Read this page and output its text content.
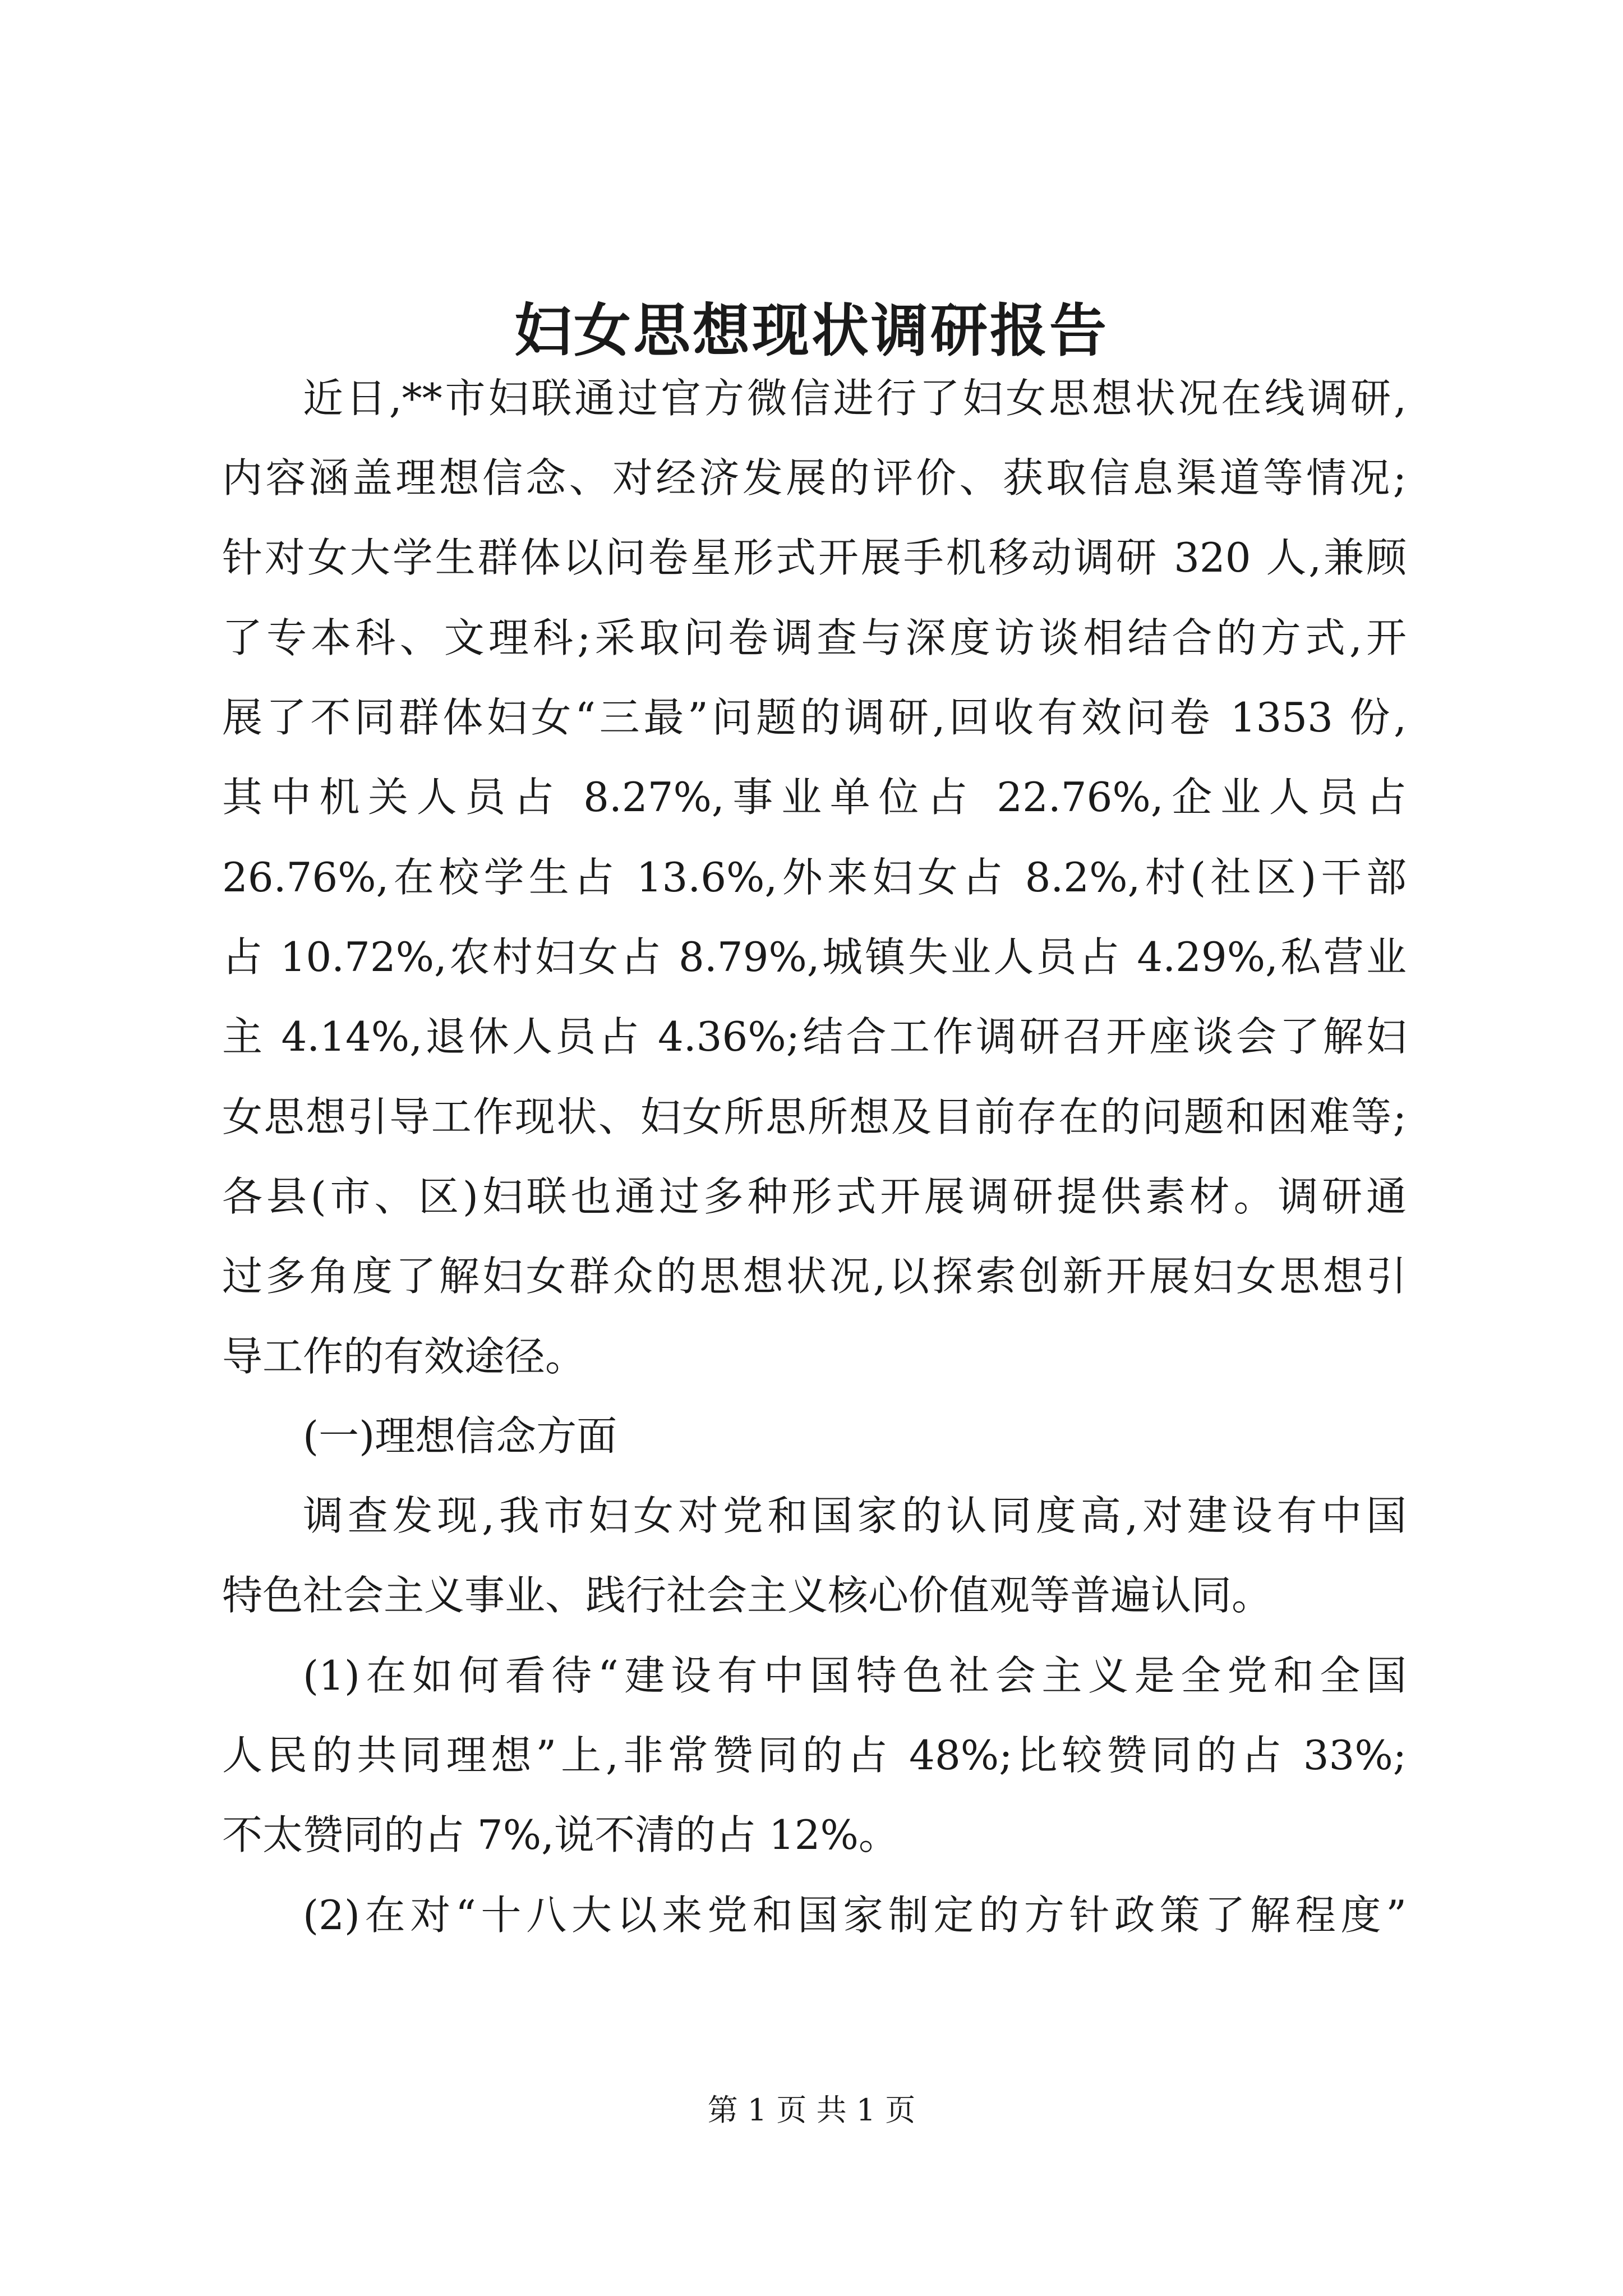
妇女思想现状调研报告

近日,**市妇联通过官方微信进行了妇女思想状况在线调研,

内容涵盖理想信念、对经济发展的评价、获取信息渠道等情况;

针对女大学生群体以问卷星形式开展手机移动调研 320 人,兼顾

了专本科、文理科;采取问卷调查与深度访谈相结合的方式,开

展了不同群体妇女“三最”问题的调研,回收有效问卷 1353 份,

其中机关人员占 8.27%,事业单位占 22.76%,企业人员占

26.76%,在校学生占 13.6%,外来妇女占 8.2%,村(社区)干部

占 10.72%,农村妇女占 8.79%,城镇失业人员占 4.29%,私营业

主 4.14%,退休人员占 4.36%;结合工作调研召开座谈会了解妇

女思想引导工作现状、妇女所思所想及目前存在的问题和困难等;

各县(市、区)妇联也通过多种形式开展调研提供素材。调研通

过多角度了解妇女群众的思想状况,以探索创新开展妇女思想引

导工作的有效途径。

(一)理想信念方面

调查发现,我市妇女对党和国家的认同度高,对建设有中国

特色社会主义事业、践行社会主义核心价值观等普遍认同。

(1)在如何看待“建设有中国特色社会主义是全党和全国

人民的共同理想”上,非常赞同的占 48%;比较赞同的占 33%;

不太赞同的占 7%,说不清的占 12%。

(2)在对“十八大以来党和国家制定的方针政策了解程度”

第 1 页 共 1 页
